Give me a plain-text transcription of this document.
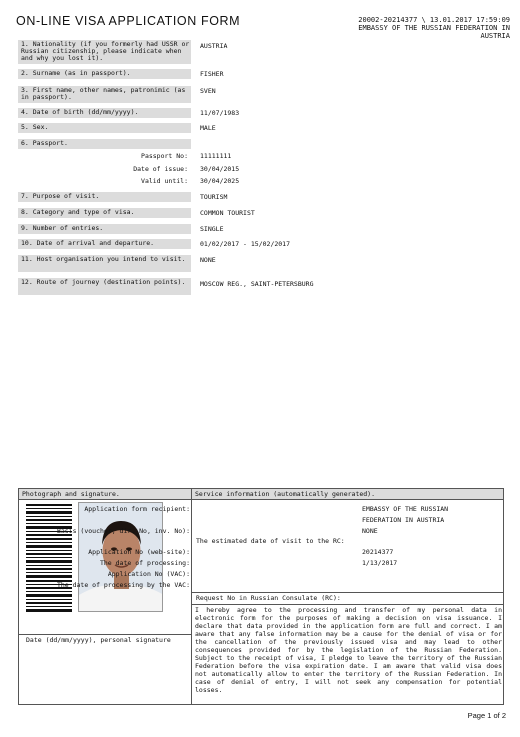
ON-LINE VISA APPLICATION FORM	20002-20214377 \ 13.01.2017 17:59:09
EMBASSY OF THE RUSSIAN FEDERATION IN
AUSTRIA
1. Nationality (if you formerly had USSR or Russian citizenship, please indicate when and why you lost it).
AUSTRIA
2. Surname (as in passport).	FISHER
3. First name, other names, patronimic (as in passport).
SVEN
4. Date of birth (dd/mm/yyyy).	11/07/1983
5. Sex.	MALE
6. Passport.
Passport No: 11111111
Date of issue: 30/04/2015
Valid until: 30/04/2025
7. Purpose of visit.	TOURISM
8. Category and type of visa.	COMMON TOURIST
9. Number of entries.	SINGLE
10. Date of arrival and departure.	01/02/2017 - 15/02/2017
11. Host organisation you intend to visit.	NONE
12. Route of journey (destination points).	MOSCOW REG., SAINT-PETERSBURG
Photograph and signature.	Service information (automatically generated).
Date (dd/mm/yyyy), personal signature
Application form recipient:	EMBASSY OF THE RUSSIAN
FEDERATION IN AUSTRIA
Basis (voucher, dir. No, inv. No):	NONE
The estimated date of visit to the RC:
Application No (web-site):	20214377
The date of processing:	1/13/2017
Application No (VAC):
The date of processing by the VAC:
Request No in Russian Consulate (RC):
I hereby agree to the processing and transfer of my personal data in electronic form for the purposes of making a decision on visa issuance. I declare that data provided in the application form are full and correct. I am aware that any false information may be a cause for the denial of visa or for the cancellation of the previously issued visa and may lead to other consequences provided for by the legislation of the Russian Federation. Subject to the receipt of visa, I pledge to leave the territory of the Russian Federation before the visa expiration date. I am aware that valid visa does not automatically allow to enter the territory of the Russian Federation. In case of denial of entry, I will not seek any compensation for potential losses.
Page 1 of 2
